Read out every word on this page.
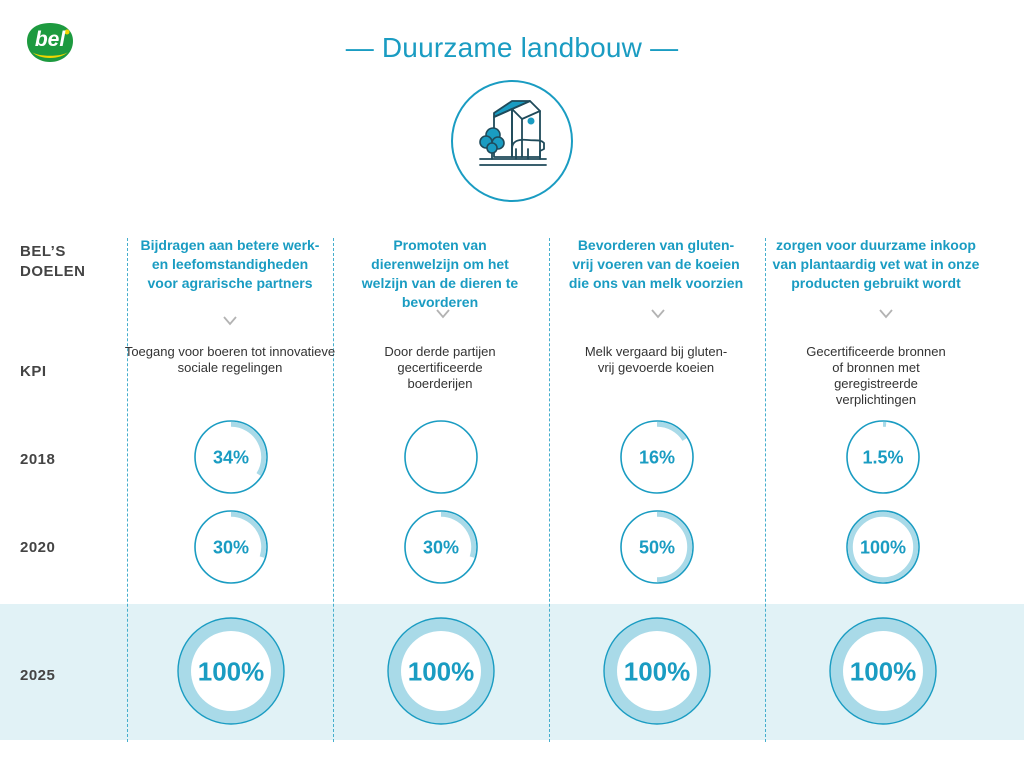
bel	— Duurzame landbouw —
BEL’S
DOELEN
KPI
2018
2020
2025
Bijdragen aan betere werk- en leefomstandigheden voor agrarische partners
Toegang voor boeren tot innovatieve sociale regelingen
Promoten van dierenwelzijn om het welzijn van de dieren te bevorderen
Door derde partijen gecertificeerde boerderijen
Bevorderen van gluten-vrij voeren van de koeien die ons van melk voorzien
Melk vergaard bij gluten-vrij gevoerde koeien
zorgen voor duurzame inkoop van plantaardig vet wat in onze producten gebruikt wordt
Gecertificeerde bronnen of bronnen met geregistreerde verplichtingen
34%
30%
100%
30%
100%
16%
50%
100%
1.5%
100%
100%
